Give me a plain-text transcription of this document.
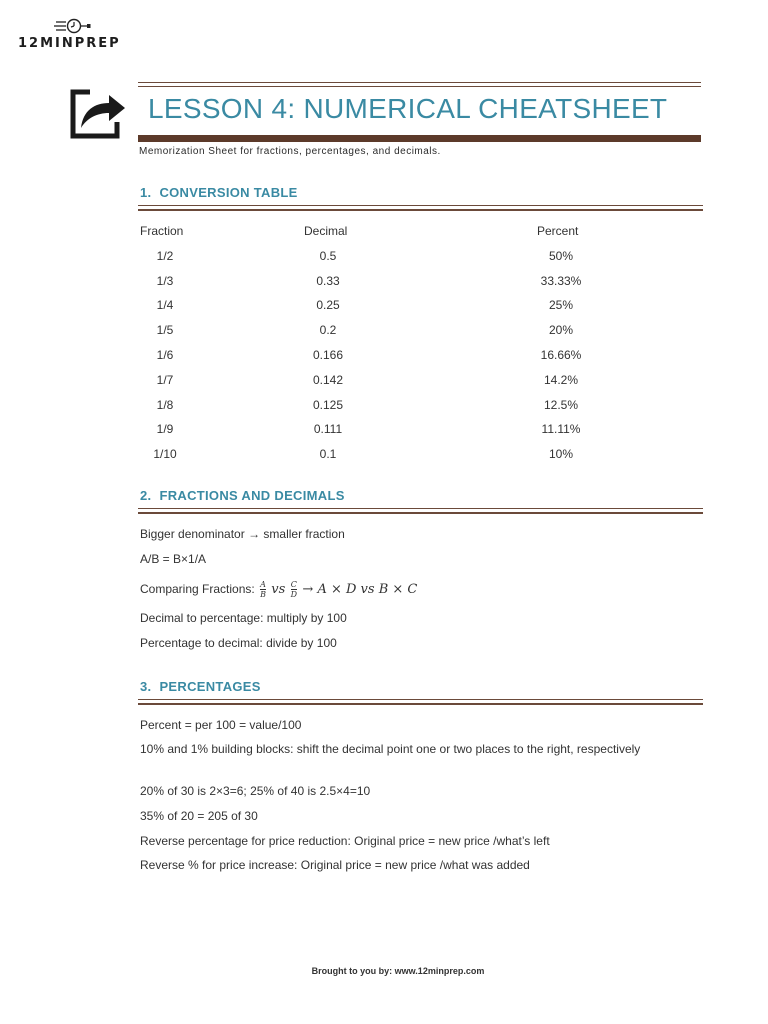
12MINPREP
LESSON 4: NUMERICAL CHEATSHEET
Memorization Sheet for fractions, percentages, and decimals.
1. CONVERSION TABLE
Fraction	Decimal	Percent
1/2	0.5	50%
1/3	0.33	33.33%
1/4	0.25	25%
1/5	0.2	20%
1/6	0.166	16.66%
1/7	0.142	14.2%
1/8	0.125	12.5%
1/9	0.111	11.11%
1/10	0.1	10%
2. FRACTIONS AND DECIMALS
Bigger denominator → smaller fraction
A/B = B×1/A
Comparing Fractions: $\frac{A}{B}$ vs $\frac{C}{D} \to A \times D$ vs B × C
Decimal to percentage: multiply by 100
Percentage to decimal: divide by 100
3. PERCENTAGES
Percent = per 100 = value/100
10% and 1% building blocks: shift the decimal point one or two places to the right, respectively
20% of 30 is 2×3=6; 25% of 40 is 2.5×4=10
35% of 20 = 205 of 30
Reverse percentage for price reduction: Original price = new price /what’s left
Reverse % for price increase: Original price = new price /what was added
Brought to you by: www.12minprep.com
